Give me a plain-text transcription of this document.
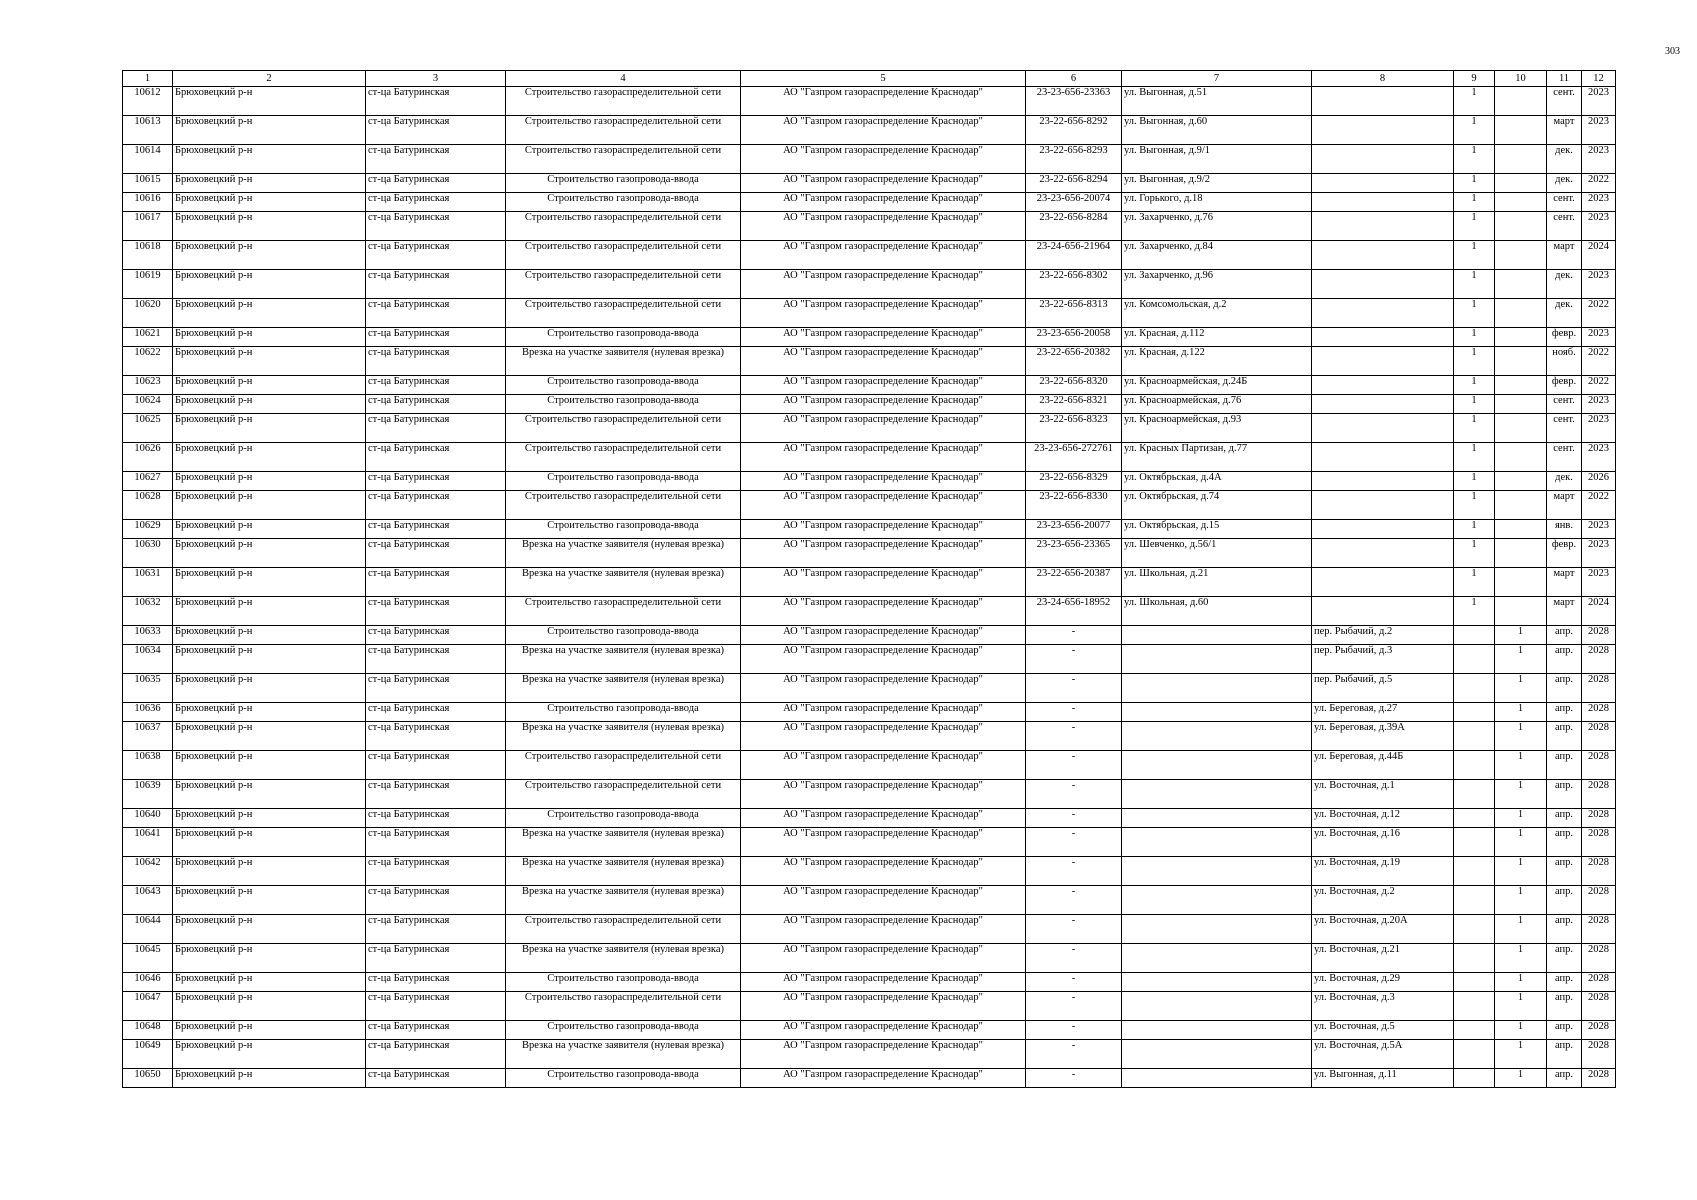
303
1	2	3	4	5	6	7	8	9	10	11	12
10612	Брюховецкий р-н	ст-ца Батуринская	Строительство газораспределительной сети	АО "Газпром газораспределение Краснодар"	23-23-656-23363	ул. Выгонная, д.51		1		сент.	2023
10613	Брюховецкий р-н	ст-ца Батуринская	Строительство газораспределительной сети	АО "Газпром газораспределение Краснодар"	23-22-656-8292	ул. Выгонная, д.60		1		март	2023
10614	Брюховецкий р-н	ст-ца Батуринская	Строительство газораспределительной сети	АО "Газпром газораспределение Краснодар"	23-22-656-8293	ул. Выгонная, д.9/1		1		дек.	2023
10615	Брюховецкий р-н	ст-ца Батуринская	Строительство газопровода-ввода	АО "Газпром газораспределение Краснодар"	23-22-656-8294	ул. Выгонная, д.9/2		1		дек.	2022
10616	Брюховецкий р-н	ст-ца Батуринская	Строительство газопровода-ввода	АО "Газпром газораспределение Краснодар"	23-23-656-20074	ул. Горького, д.18		1		сент.	2023
10617	Брюховецкий р-н	ст-ца Батуринская	Строительство газораспределительной сети	АО "Газпром газораспределение Краснодар"	23-22-656-8284	ул. Захарченко, д.76		1		сент.	2023
10618	Брюховецкий р-н	ст-ца Батуринская	Строительство газораспределительной сети	АО "Газпром газораспределение Краснодар"	23-24-656-21964	ул. Захарченко, д.84		1		март	2024
10619	Брюховецкий р-н	ст-ца Батуринская	Строительство газораспределительной сети	АО "Газпром газораспределение Краснодар"	23-22-656-8302	ул. Захарченко, д.96		1		дек.	2023
10620	Брюховецкий р-н	ст-ца Батуринская	Строительство газораспределительной сети	АО "Газпром газораспределение Краснодар"	23-22-656-8313	ул. Комсомольская, д.2		1		дек.	2022
10621	Брюховецкий р-н	ст-ца Батуринская	Строительство газопровода-ввода	АО "Газпром газораспределение Краснодар"	23-23-656-20058	ул. Красная, д.112		1		февр.	2023
10622	Брюховецкий р-н	ст-ца Батуринская	Врезка на участке заявителя (нулевая врезка)	АО "Газпром газораспределение Краснодар"	23-22-656-20382	ул. Красная, д.122		1		нояб.	2022
10623	Брюховецкий р-н	ст-ца Батуринская	Строительство газопровода-ввода	АО "Газпром газораспределение Краснодар"	23-22-656-8320	ул. Красноармейская, д.24Б		1		февр.	2022
10624	Брюховецкий р-н	ст-ца Батуринская	Строительство газопровода-ввода	АО "Газпром газораспределение Краснодар"	23-22-656-8321	ул. Красноармейская, д.76		1		сент.	2023
10625	Брюховецкий р-н	ст-ца Батуринская	Строительство газораспределительной сети	АО "Газпром газораспределение Краснодар"	23-22-656-8323	ул. Красноармейская, д.93		1		сент.	2023
10626	Брюховецкий р-н	ст-ца Батуринская	Строительство газораспределительной сети	АО "Газпром газораспределение Краснодар"	23-23-656-272761	ул. Красных Партизан, д.77		1		сент.	2023
10627	Брюховецкий р-н	ст-ца Батуринская	Строительство газопровода-ввода	АО "Газпром газораспределение Краснодар"	23-22-656-8329	ул. Октябрьская, д.4А		1		дек.	2026
10628	Брюховецкий р-н	ст-ца Батуринская	Строительство газораспределительной сети	АО "Газпром газораспределение Краснодар"	23-22-656-8330	ул. Октябрьская, д.74		1		март	2022
10629	Брюховецкий р-н	ст-ца Батуринская	Строительство газопровода-ввода	АО "Газпром газораспределение Краснодар"	23-23-656-20077	ул. Октябрьская, д.15		1		янв.	2023
10630	Брюховецкий р-н	ст-ца Батуринская	Врезка на участке заявителя (нулевая врезка)	АО "Газпром газораспределение Краснодар"	23-23-656-23365	ул. Шевченко, д.56/1		1		февр.	2023
10631	Брюховецкий р-н	ст-ца Батуринская	Врезка на участке заявителя (нулевая врезка)	АО "Газпром газораспределение Краснодар"	23-22-656-20387	ул. Школьная, д.21		1		март	2023
10632	Брюховецкий р-н	ст-ца Батуринская	Строительство газораспределительной сети	АО "Газпром газораспределение Краснодар"	23-24-656-18952	ул. Школьная, д.60		1		март	2024
10633	Брюховецкий р-н	ст-ца Батуринская	Строительство газопровода-ввода	АО "Газпром газораспределение Краснодар"	-		пер. Рыбачий, д.2		1	апр.	2028
10634	Брюховецкий р-н	ст-ца Батуринская	Врезка на участке заявителя (нулевая врезка)	АО "Газпром газораспределение Краснодар"	-		пер. Рыбачий, д.3		1	апр.	2028
10635	Брюховецкий р-н	ст-ца Батуринская	Врезка на участке заявителя (нулевая врезка)	АО "Газпром газораспределение Краснодар"	-		пер. Рыбачий, д.5		1	апр.	2028
10636	Брюховецкий р-н	ст-ца Батуринская	Строительство газопровода-ввода	АО "Газпром газораспределение Краснодар"	-		ул. Береговая, д.27		1	апр.	2028
10637	Брюховецкий р-н	ст-ца Батуринская	Врезка на участке заявителя (нулевая врезка)	АО "Газпром газораспределение Краснодар"	-		ул. Береговая, д.39А		1	апр.	2028
10638	Брюховецкий р-н	ст-ца Батуринская	Строительство газораспределительной сети	АО "Газпром газораспределение Краснодар"	-		ул. Береговая, д.44Б		1	апр.	2028
10639	Брюховецкий р-н	ст-ца Батуринская	Строительство газораспределительной сети	АО "Газпром газораспределение Краснодар"	-		ул. Восточная, д.1		1	апр.	2028
10640	Брюховецкий р-н	ст-ца Батуринская	Строительство газопровода-ввода	АО "Газпром газораспределение Краснодар"	-		ул. Восточная, д.12		1	апр.	2028
10641	Брюховецкий р-н	ст-ца Батуринская	Врезка на участке заявителя (нулевая врезка)	АО "Газпром газораспределение Краснодар"	-		ул. Восточная, д.16		1	апр.	2028
10642	Брюховецкий р-н	ст-ца Батуринская	Врезка на участке заявителя (нулевая врезка)	АО "Газпром газораспределение Краснодар"	-		ул. Восточная, д.19		1	апр.	2028
10643	Брюховецкий р-н	ст-ца Батуринская	Врезка на участке заявителя (нулевая врезка)	АО "Газпром газораспределение Краснодар"	-		ул. Восточная, д.2		1	апр.	2028
10644	Брюховецкий р-н	ст-ца Батуринская	Строительство газораспределительной сети	АО "Газпром газораспределение Краснодар"	-		ул. Восточная, д.20А		1	апр.	2028
10645	Брюховецкий р-н	ст-ца Батуринская	Врезка на участке заявителя (нулевая врезка)	АО "Газпром газораспределение Краснодар"	-		ул. Восточная, д.21		1	апр.	2028
10646	Брюховецкий р-н	ст-ца Батуринская	Строительство газопровода-ввода	АО "Газпром газораспределение Краснодар"	-		ул. Восточная, д.29		1	апр.	2028
10647	Брюховецкий р-н	ст-ца Батуринская	Строительство газораспределительной сети	АО "Газпром газораспределение Краснодар"	-		ул. Восточная, д.3		1	апр.	2028
10648	Брюховецкий р-н	ст-ца Батуринская	Строительство газопровода-ввода	АО "Газпром газораспределение Краснодар"	-		ул. Восточная, д.5		1	апр.	2028
10649	Брюховецкий р-н	ст-ца Батуринская	Врезка на участке заявителя (нулевая врезка)	АО "Газпром газораспределение Краснодар"	-		ул. Восточная, д.5А		1	апр.	2028
10650	Брюховецкий р-н	ст-ца Батуринская	Строительство газопровода-ввода	АО "Газпром газораспределение Краснодар"	-		ул. Выгонная, д.11		1	апр.	2028
